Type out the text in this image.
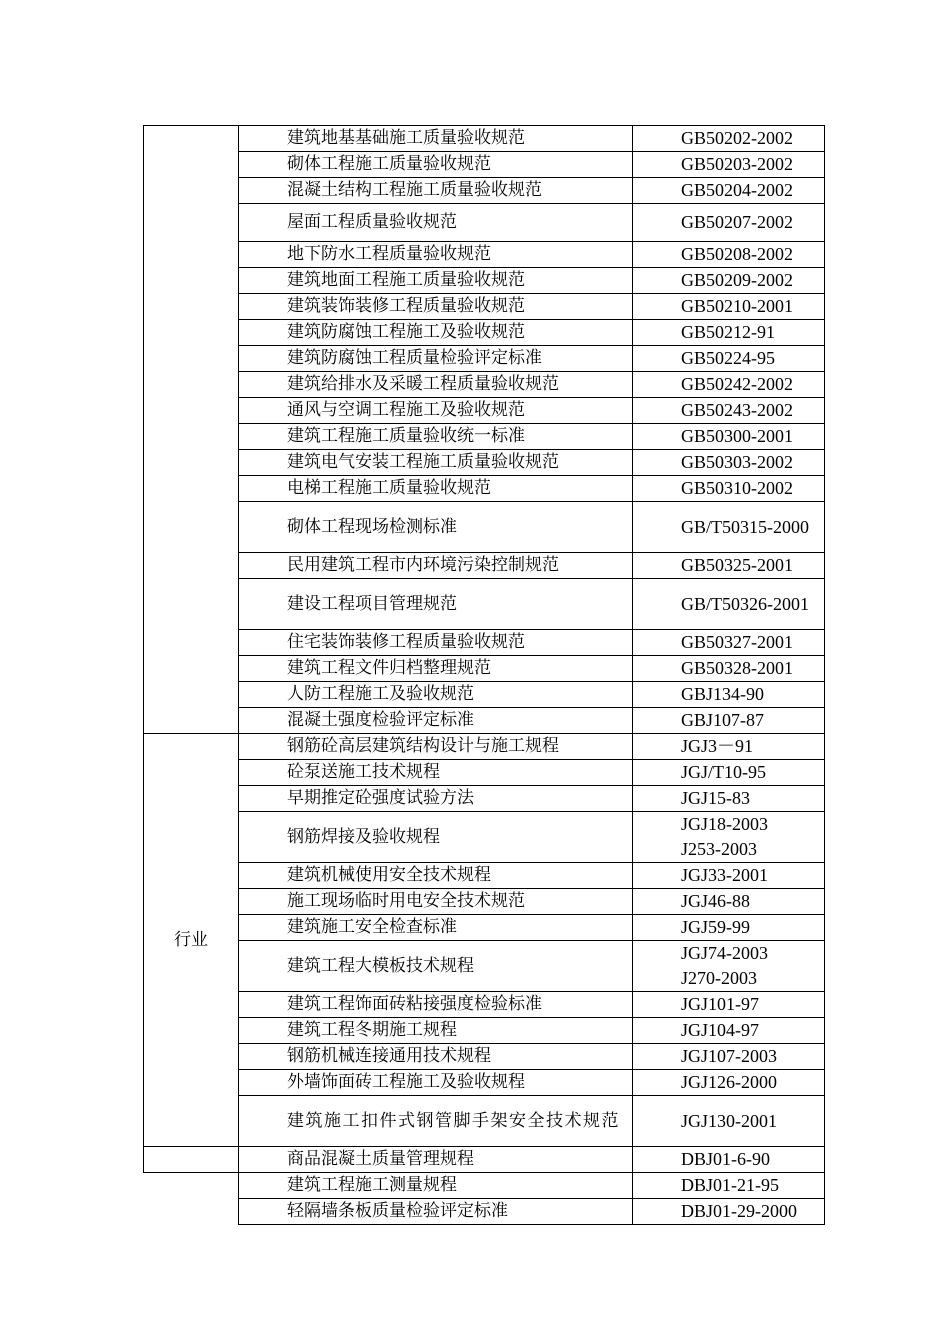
	建筑地基基础施工质量验收规范	GB50202-2002
	砌体工程施工质量验收规范	GB50203-2002
	混凝土结构工程施工质量验收规范	GB50204-2002
	屋面工程质量验收规范	GB50207-2002
	地下防水工程质量验收规范	GB50208-2002
	建筑地面工程施工质量验收规范	GB50209-2002
	建筑装饰装修工程质量验收规范	GB50210-2001
	建筑防腐蚀工程施工及验收规范	GB50212-91
	建筑防腐蚀工程质量检验评定标准	GB50224-95
	建筑给排水及采暖工程质量验收规范	GB50242-2002
	通风与空调工程施工及验收规范	GB50243-2002
	建筑工程施工质量验收统一标准	GB50300-2001
	建筑电气安装工程施工质量验收规范	GB50303-2002
	电梯工程施工质量验收规范	GB50310-2002
	砌体工程现场检测标准	GB/T50315-2000
	民用建筑工程市内环境污染控制规范	GB50325-2001
	建设工程项目管理规范	GB/T50326-2001
	住宅装饰装修工程质量验收规范	GB50327-2001
	建筑工程文件归档整理规范	GB50328-2001
	人防工程施工及验收规范	GBJ134-90
	混凝土强度检验评定标准	GBJ107-87
行业	钢筋砼高层建筑结构设计与施工规程	JGJ3－91
	砼泵送施工技术规程	JGJ/T10-95
	早期推定砼强度试验方法	JGJ15-83
	钢筋焊接及验收规程	JGJ18-2003
J253-2003

	建筑机械使用安全技术规程	JGJ33-2001
	施工现场临时用电安全技术规范	JGJ46-88
	建筑施工安全检查标准	JGJ59-99
	建筑工程大模板技术规程	JGJ74-2003
J270-2003

	建筑工程饰面砖粘接强度检验标准	JGJ101-97
	建筑工程冬期施工规程	JGJ104-97
	钢筋机械连接通用技术规程	JGJ107-2003
	外墙饰面砖工程施工及验收规程	JGJ126-2000
	建筑施工扣件式钢管脚手架安全技术规范	JGJ130-2001
	商品混凝土质量管理规程	DBJ01-6-90
	建筑工程施工测量规程	DBJ01-21-95
	轻隔墙条板质量检验评定标准	DBJ01-29-2000
